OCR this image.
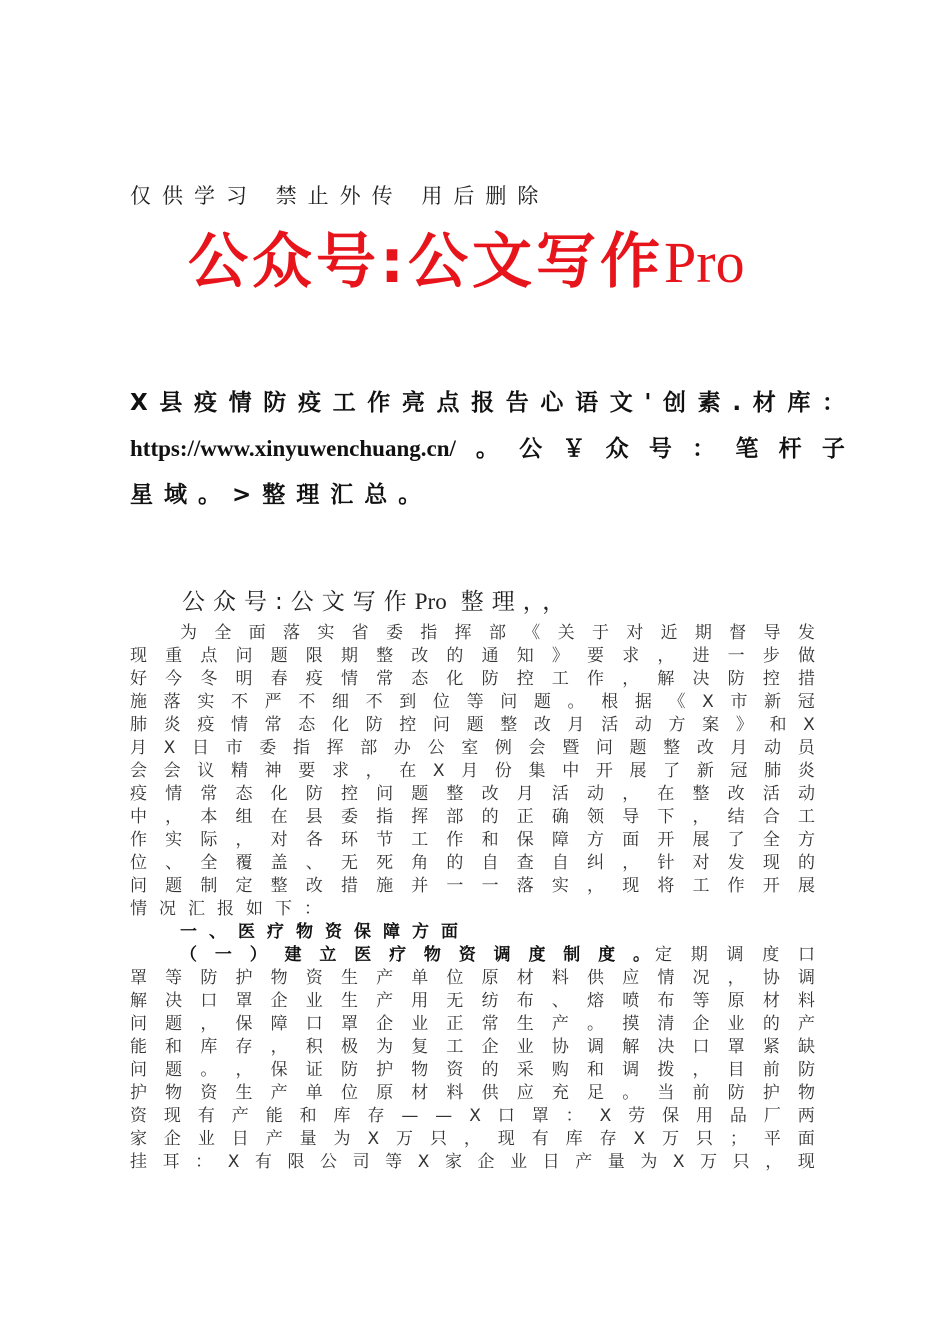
仅供学习 禁止外传 用后删除
公众号:公文写作Pro
X 县 疫 情 防 疫 工 作 亮 点 报 告 心 语 文 ' 创 素 . 材 库 ：
https://www.xinyuwenchuang.cn/ 。 公 ￥ 众 号 ： 笔 杆 子
星域。>整理汇总。
公众号:公文写作Pro 整理，，
为 全 面 落 实 省 委 指 挥 部 《 关 于 对 近 期 督 导 发
现 重 点 问 题 限 期 整 改 的 通 知 》 要 求 ， 进 一 步 做
好 今 冬 明 春 疫 情 常 态 化 防 控 工 作 ， 解 决 防 控 措
施 落 实 不 严 不 细 不 到 位 等 问 题 。 根 据 《 X 市 新 冠
肺 炎 疫 情 常 态 化 防 控 问 题 整 改 月 活 动 方 案 》 和 X
月 X 日 市 委 指 挥 部 办 公 室 例 会 暨 问 题 整 改 月 动 员
会 会 议 精 神 要 求 ， 在 X 月 份 集 中 开 展 了 新 冠 肺 炎
疫 情 常 态 化 防 控 问 题 整 改 月 活 动 ， 在 整 改 活 动
中 ， 本 组 在 县 委 指 挥 部 的 正 确 领 导 下 ， 结 合 工
作 实 际 ， 对 各 环 节 工 作 和 保 障 方 面 开 展 了 全 方
位 、 全 覆 盖 、 无 死 角 的 自 查 自 纠 ， 针 对 发 现 的
问 题 制 定 整 改 措 施 并 一 一 落 实 ， 现 将 工 作 开 展
情况汇报如下：
一、医疗物资保障方面
（ 一 ） 建 立 医 疗 物 资 调 度 制 度 。 定 期 调 度 口
罩 等 防 护 物 资 生 产 单 位 原 材 料 供 应 情 况 ， 协 调
解 决 口 罩 企 业 生 产 用 无 纺 布 、 熔 喷 布 等 原 材 料
问 题 ， 保 障 口 罩 企 业 正 常 生 产 。 摸 清 企 业 的 产
能 和 库 存 ， 积 极 为 复 工 企 业 协 调 解 决 口 罩 紧 缺
问 题 。 ， 保 证 防 护 物 资 的 采 购 和 调 拨 ， 目 前 防
护 物 资 生 产 单 位 原 材 料 供 应 充 足 。 当 前 防 护 物
资 现 有 产 能 和 库 存 — — X 口 罩 ： X 劳 保 用 品 厂 两
家 企 业 日 产 量 为 X 万 只 ， 现 有 库 存 X 万 只 ； 平 面
挂 耳 ： X 有 限 公 司 等 X 家 企 业 日 产 量 为 X 万 只 ， 现
